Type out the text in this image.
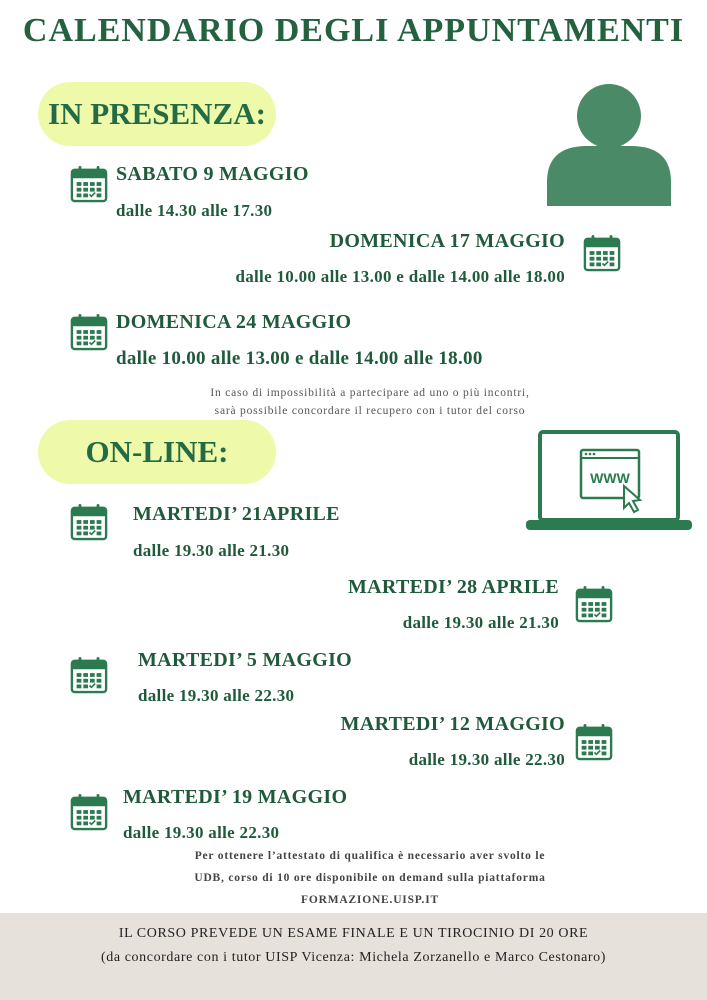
CALENDARIO DEGLI APPUNTAMENTI
IN PRESENZA:
SABATO 9 MAGGIO
dalle 14.30 alle 17.30
DOMENICA 17 MAGGIO
dalle 10.00 alle 13.00 e dalle 14.00 alle 18.00
DOMENICA 24 MAGGIO
dalle 10.00 alle 13.00 e dalle 14.00 alle 18.00
In caso di impossibilità a partecipare ad uno o più incontri,
sarà possibile concordare il recupero con i tutor del corso
ON-LINE:
WWW
MARTEDI’ 21APRILE
dalle 19.30 alle 21.30
MARTEDI’ 28 APRILE
dalle 19.30 alle 21.30
MARTEDI’ 5 MAGGIO
dalle 19.30 alle 22.30
MARTEDI’ 12 MAGGIO
dalle 19.30 alle 22.30
MARTEDI’ 19 MAGGIO
dalle 19.30 alle 22.30
Per ottenere l’attestato di qualifica è necessario aver svolto le
UDB, corso di 10 ore disponibile on demand sulla piattaforma
FORMAZIONE.UISP.IT
IL CORSO PREVEDE UN ESAME FINALE E UN TIROCINIO DI 20 ORE
(da concordare con i tutor UISP Vicenza: Michela Zorzanello e Marco Cestonaro)
